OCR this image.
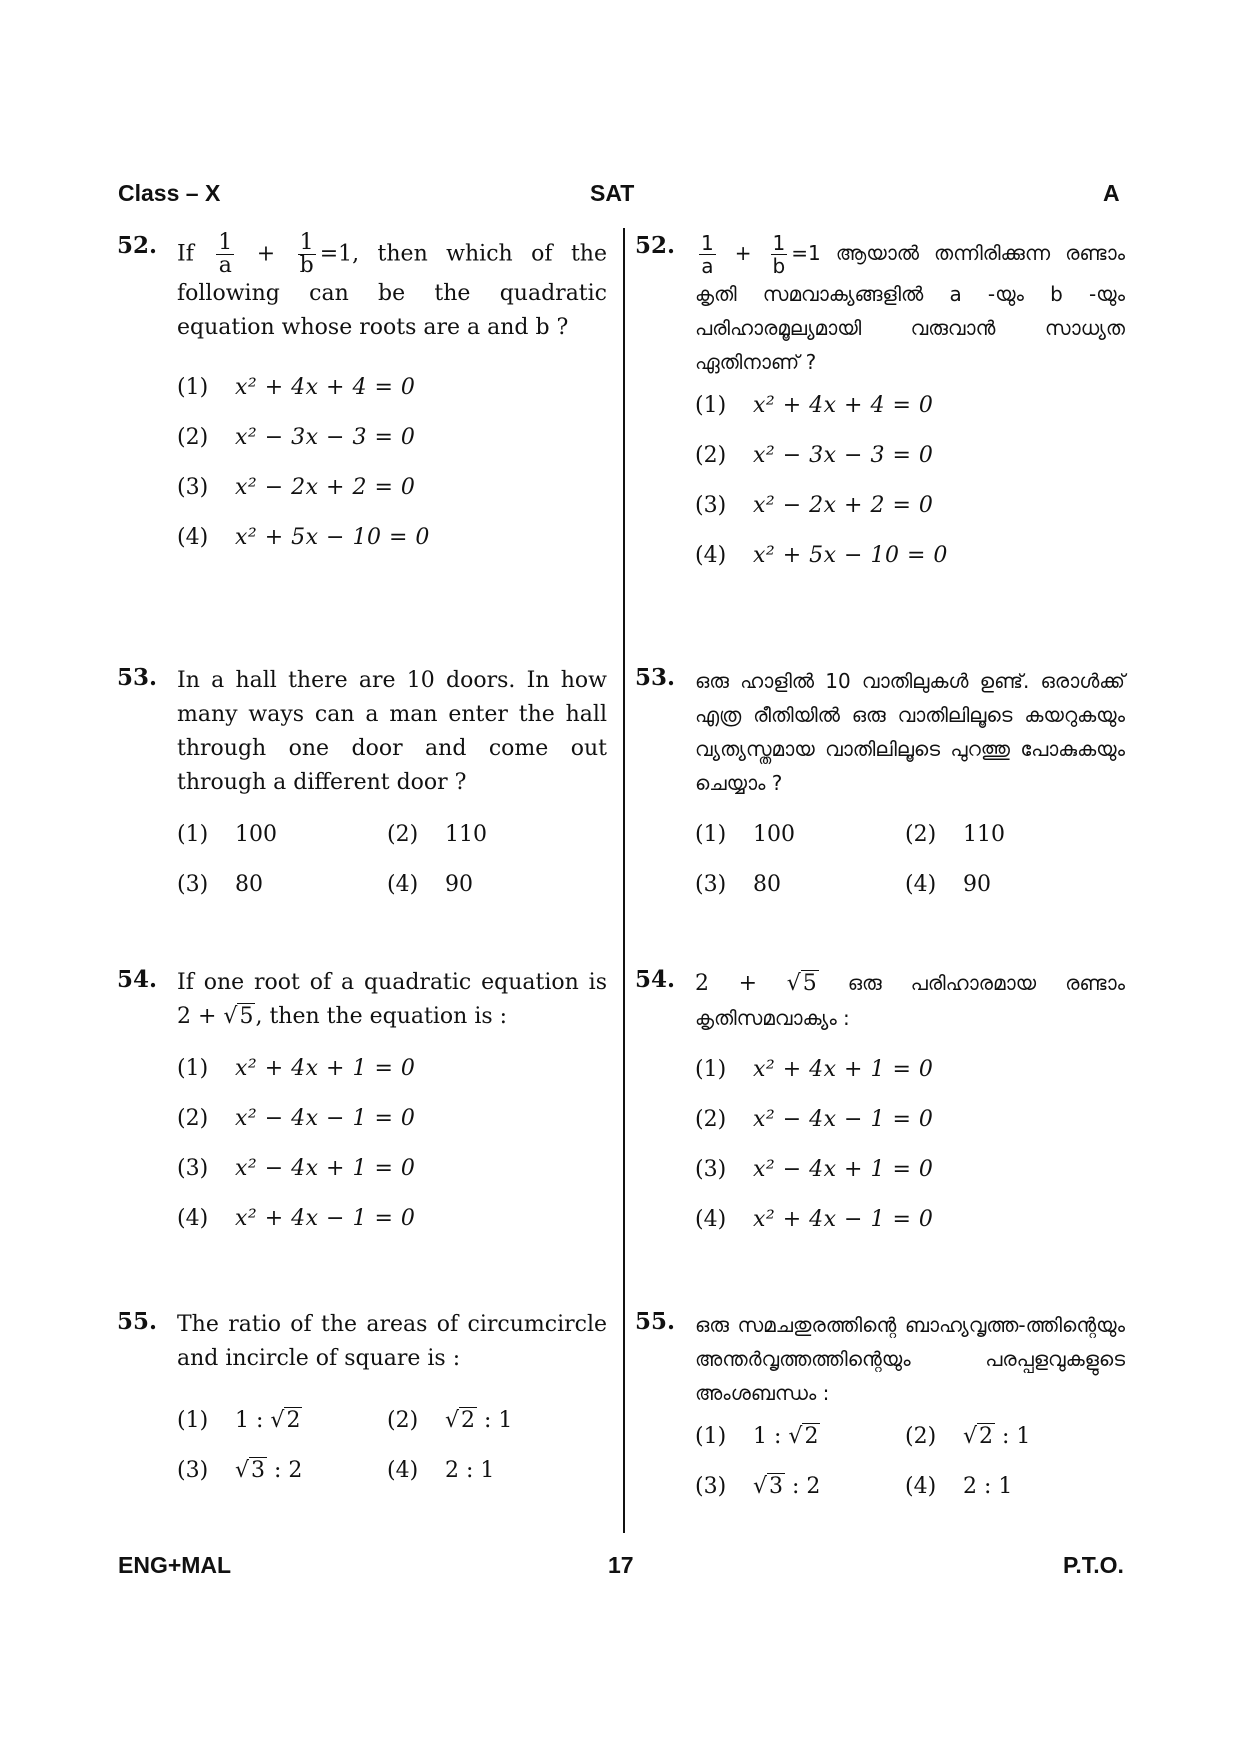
Class – X	SAT	A
52. If $\frac{1}{a} + \frac{1}{b} =1$, then which of the following can be the quadratic equation whose roots are a and b ?

(1) x² + 4x + 4 = 0
(2) x² − 3x − 3 = 0
(3) x² − 2x + 2 = 0
(4) x² + 5x − 10 = 0
53. In a hall there are 10 doors. In how many ways can a man enter the hall through one door and come out through a different door ?

(1) 100	(2) 110
(3) 80	(4) 90
54. If one root of a quadratic equation is 2 + √5, then the equation is :

(1) x² + 4x + 1 = 0
(2) x² − 4x − 1 = 0
(3) x² − 4x + 1 = 0
(4) x² + 4x − 1 = 0
55. The ratio of the areas of circumcircle and incircle of square is :

(1) 1 : √2	(2) √2 : 1
(3) √3 : 2	(4) 2 : 1
52. $\frac{1}{a} + \frac{1}{b} =1$ ആയാൽ തന്നിരിക്കുന്ന രണ്ടാം കൃതി സമവാക്യങ്ങളിൽ a -യും b -യും പരിഹാരമൂല്യമായി വരുവാൻ സാധ്യത ഏതിനാണ് ?

(1) x² + 4x + 4 = 0
(2) x² − 3x − 3 = 0
(3) x² − 2x + 2 = 0
(4) x² + 5x − 10 = 0
53. ഒരു ഹാളിൽ 10 വാതിലുകൾ ഉണ്ട്. ഒരാൾക്ക് എത്ര രീതിയിൽ ഒരു വാതിലിലൂടെ കയറുകയും വ്യത്യസ്തമായ വാതിലിലൂടെ പുറത്തു പോകുകയും ചെയ്യാം ?

(1) 100	(2) 110
(3) 80	(4) 90
54. 2 + √5 ഒരു പരിഹാരമായ രണ്ടാം കൃതിസമവാക്യം :

(1) x² + 4x + 1 = 0
(2) x² − 4x − 1 = 0
(3) x² − 4x + 1 = 0
(4) x² + 4x − 1 = 0
55. ഒരു സമചതുരത്തിന്റെ ബാഹ്യവൃത്ത-ത്തിന്റെയും അന്തർവൃത്തത്തിന്റെയും പരപ്പളവുകളുടെ അംശബന്ധം :

(1) 1 : √2	(2) √2 : 1
(3) √3 : 2	(4) 2 : 1
ENG+MAL	17	P.T.O.
